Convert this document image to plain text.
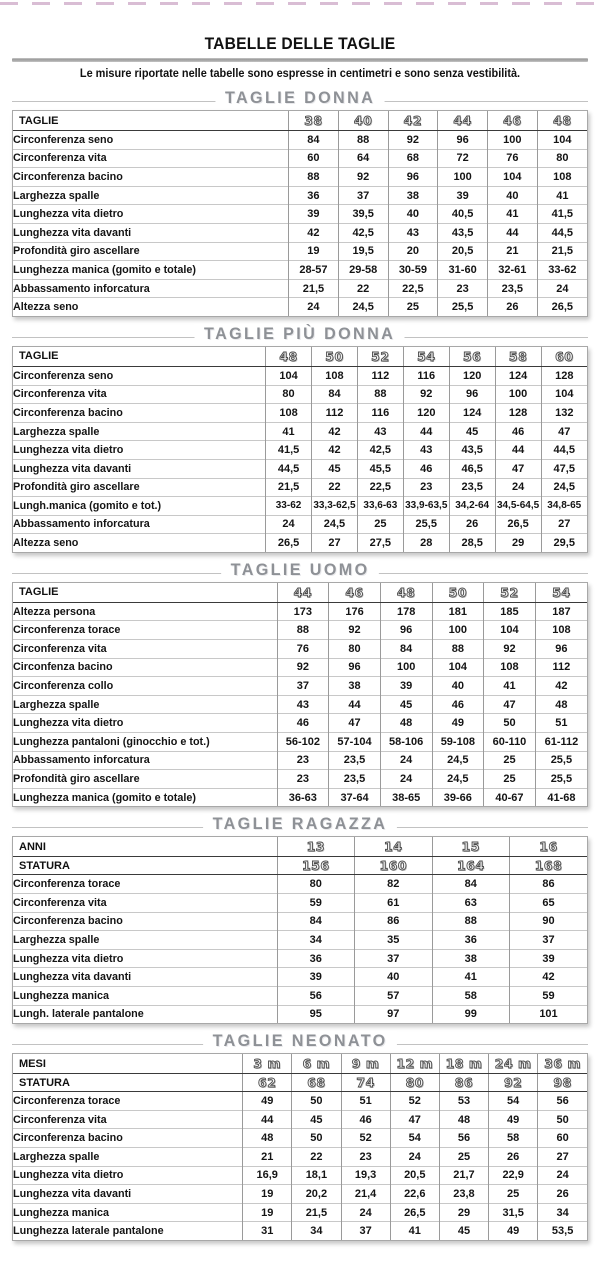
TABELLE DELLE TAGLIE
Le misure riportate nelle tabelle sono espresse in centimetri e sono senza vestibilità.
TAGLIE DONNA
TAGLIE	38	40	42	44	46	48
Circonferenza seno	84	88	92	96	100	104
Circonferenza vita	60	64	68	72	76	80
Circonferenza bacino	88	92	96	100	104	108
Larghezza spalle	36	37	38	39	40	41
Lunghezza vita dietro	39	39,5	40	40,5	41	41,5
Lunghezza vita davanti	42	42,5	43	43,5	44	44,5
Profondità giro ascellare	19	19,5	20	20,5	21	21,5
Lunghezza manica (gomito e totale)	28-57	29-58	30-59	31-60	32-61	33-62
Abbassamento inforcatura	21,5	22	22,5	23	23,5	24
Altezza seno	24	24,5	25	25,5	26	26,5
TAGLIE PIÙ DONNA
TAGLIE	48	50	52	54	56	58	60
Circonferenza seno	104	108	112	116	120	124	128
Circonferenza vita	80	84	88	92	96	100	104
Circonferenza bacino	108	112	116	120	124	128	132
Larghezza spalle	41	42	43	44	45	46	47
Lunghezza vita dietro	41,5	42	42,5	43	43,5	44	44,5
Lunghezza vita davanti	44,5	45	45,5	46	46,5	47	47,5
Profondità giro ascellare	21,5	22	22,5	23	23,5	24	24,5
Lungh.manica (gomito e tot.)	33-62	33,3-62,5	33,6-63	33,9-63,5	34,2-64	34,5-64,5	34,8-65
Abbassamento inforcatura	24	24,5	25	25,5	26	26,5	27
Altezza seno	26,5	27	27,5	28	28,5	29	29,5
TAGLIE UOMO
TAGLIE	44	46	48	50	52	54
Altezza persona	173	176	178	181	185	187
Circonferenza torace	88	92	96	100	104	108
Circonferenza vita	76	80	84	88	92	96
Circonfenza bacino	92	96	100	104	108	112
Circonferenza collo	37	38	39	40	41	42
Larghezza spalle	43	44	45	46	47	48
Lunghezza vita dietro	46	47	48	49	50	51
Lunghezza pantaloni (ginocchio e tot.)	56-102	57-104	58-106	59-108	60-110	61-112
Abbassamento inforcatura	23	23,5	24	24,5	25	25,5
Profondità giro ascellare	23	23,5	24	24,5	25	25,5
Lunghezza manica (gomito e totale)	36-63	37-64	38-65	39-66	40-67	41-68
TAGLIE RAGAZZA
ANNI	13	14	15	16
STATURA	156	160	164	168
Circonferenza torace	80	82	84	86
Circonferenza vita	59	61	63	65
Circonferenza bacino	84	86	88	90
Larghezza spalle	34	35	36	37
Lunghezza vita dietro	36	37	38	39
Lunghezza vita davanti	39	40	41	42
Lunghezza manica	56	57	58	59
Lungh. laterale pantalone	95	97	99	101
TAGLIE NEONATO
MESI	3 m	6 m	9 m	12 m	18 m	24 m	36 m
STATURA	62	68	74	80	86	92	98
Circonferenza torace	49	50	51	52	53	54	56
Circonferenza vita	44	45	46	47	48	49	50
Circonferenza bacino	48	50	52	54	56	58	60
Larghezza spalle	21	22	23	24	25	26	27
Lunghezza vita dietro	16,9	18,1	19,3	20,5	21,7	22,9	24
Lunghezza vita davanti	19	20,2	21,4	22,6	23,8	25	26
Lunghezza manica	19	21,5	24	26,5	29	31,5	34
Lunghezza laterale pantalone	31	34	37	41	45	49	53,5
